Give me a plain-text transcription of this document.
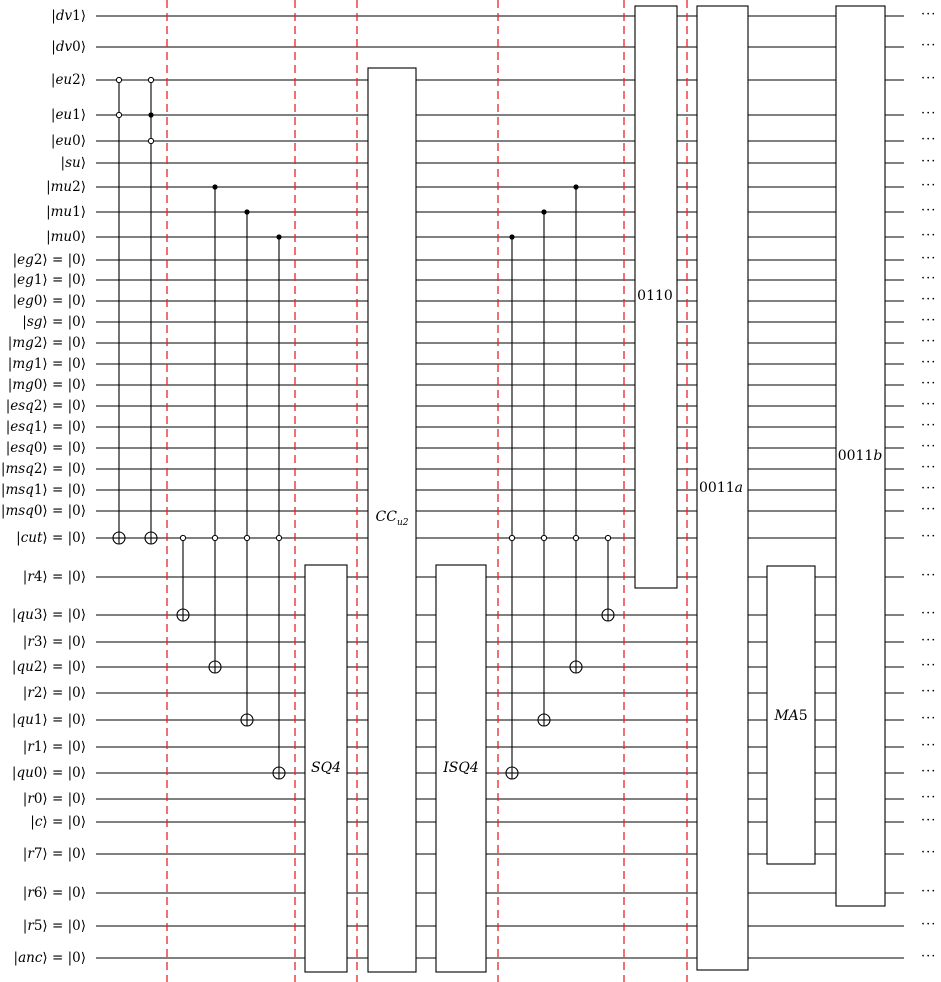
|dv1⟩	···
|dv0⟩	···
|eu2⟩	···
|eu1⟩	···
|eu0⟩	···
|su⟩	···
|mu2⟩	···
|mu1⟩	···
|mu0⟩	···
|eg2⟩ = |0⟩	···
|eg1⟩ = |0⟩	···
|eg0⟩ = |0⟩	···
|sg⟩ = |0⟩	···
|mg2⟩ = |0⟩	···
|mg1⟩ = |0⟩	···
|mg0⟩ = |0⟩	···
|esq2⟩ = |0⟩	···
|esq1⟩ = |0⟩	···
|esq0⟩ = |0⟩	···
|msq2⟩ = |0⟩	···
|msq1⟩ = |0⟩	···
|msq0⟩ = |0⟩	···
|cut⟩ = |0⟩	···
|r4⟩ = |0⟩	···
|qu3⟩ = |0⟩	···
|r3⟩ = |0⟩	···
|qu2⟩ = |0⟩	···
|r2⟩ = |0⟩	···
|qu1⟩ = |0⟩	···
|r1⟩ = |0⟩	···
|qu0⟩ = |0⟩	···
|r0⟩ = |0⟩	···
|c⟩ = |0⟩	···
|r7⟩ = |0⟩	···
|r6⟩ = |0⟩	···
|r5⟩ = |0⟩	···
|anc⟩ = |0⟩	···
SQ4
$CC_{u2}$
ISQ4
0110
0011a
MA5
0011b
